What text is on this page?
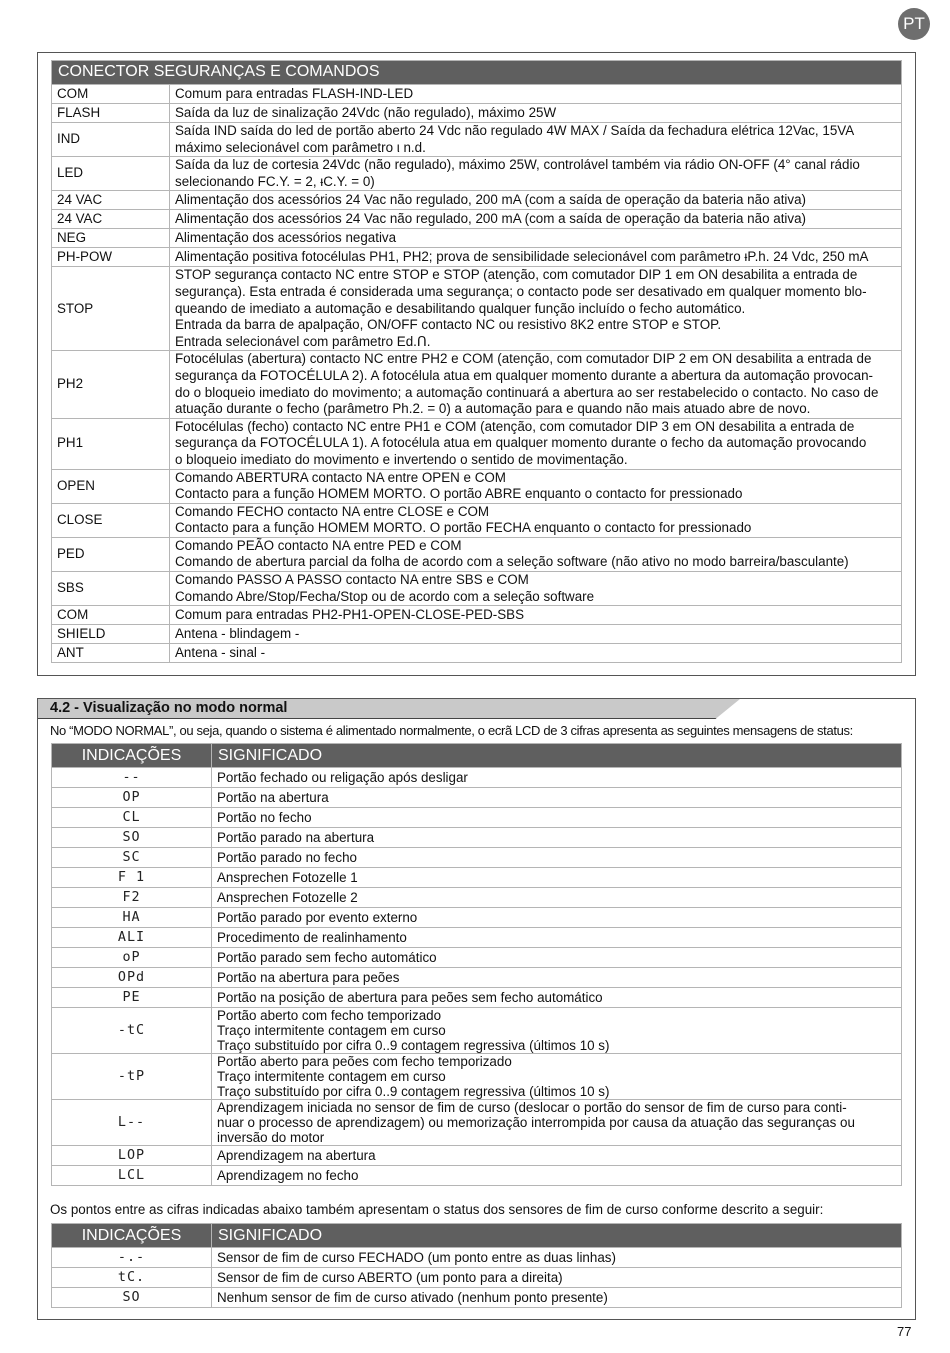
PT
CONECTOR SEGURANÇAS E COMANDOS	
COM	Comum para entradas FLASH-IND-LED

FLASH	Saída da luz de sinalização 24Vdc (não regulado), máximo 25W

IND	Saída IND saída do led de portão aberto 24 Vdc não regulado 4W MAX / Saída da fechadura elétrica 12Vac, 15VA
máximo selecionável com parâmetro ι n.d.

LED	Saída da luz de cortesia 24Vdc (não regulado), máximo 25W, controlável também via rádio ON-OFF (4° canal rádio
selecionando FC.Y. = 2, ᵼC.Y. = 0)

24 VAC	Alimentação dos acessórios 24 Vac não regulado, 200 mA (com a saída de operação da bateria não ativa)

24 VAC	Alimentação dos acessórios 24 Vac não regulado, 200 mA (com a saída de operação da bateria não ativa)

NEG	Alimentação dos acessórios negativa

PH-POW	Alimentação positiva fotocélulas PH1, PH2; prova de sensibilidade selecionável com parâmetro ᵼP.h. 24 Vdc, 250 mA

STOP	STOP segurança contacto NC entre STOP e STOP (atenção, com comutador DIP 1 em ON desabilita a entrada de
segurança). Esta entrada é considerada uma segurança; o contacto pode ser desativado em qualquer momento blo-
queando de imediato a automação e desabilitando qualquer função incluído o fecho automático.
Entrada da barra de apalpação, ON/OFF contacto NC ou resistivo 8K2 entre STOP e STOP.
Entrada selecionável com parâmetro Ed.Ո.

PH2	Fotocélulas (abertura) contacto NC entre PH2 e COM (atenção, com comutador DIP 2 em ON desabilita a entrada de
segurança da FOTOCÉLULA 2). A fotocélula atua em qualquer momento durante a abertura da automação provocan-
do o bloqueio imediato do movimento; a automação continuará a abertura ao ser restabelecido o contacto. No caso de
atuação durante o fecho (parâmetro Ph.2. = 0) a automação para e quando não mais atuado abre de novo.

PH1	Fotocélulas (fecho) contacto NC entre PH1 e COM (atenção, com comutador DIP 3 em ON desabilita a entrada de
segurança da FOTOCÉLULA 1). A fotocélula atua em qualquer momento durante o fecho da automação provocando
o bloqueio imediato do movimento e invertendo o sentido de movimentação.

OPEN	Comando ABERTURA contacto NA entre OPEN e COM
Contacto para a função HOMEM MORTO. O portão ABRE enquanto o contacto for pressionado

CLOSE	Comando FECHO contacto NA entre CLOSE e COM
Contacto para a função HOMEM MORTO. O portão FECHA enquanto o contacto for pressionado

PED	Comando PEÃO contacto NA entre PED e COM
Comando de abertura parcial da folha de acordo com a seleção software (não ativo no modo barreira/basculante)

SBS	Comando PASSO A PASSO contacto NA entre SBS e COM
Comando Abre/Stop/Fecha/Stop ou de acordo com a seleção software

COM	Comum para entradas PH2-PH1-OPEN-CLOSE-PED-SBS

SHIELD	Antena - blindagem -

ANT	Antena - sinal -
4.2 - Visualização no modo normal
No “MODO NORMAL”, ou seja, quando o sistema é alimentado normalmente, o ecrã LCD de 3 cifras apresenta as seguintes mensagens de status:
INDICAÇÕES	SIGNIFICADO
--	Portão fechado ou religação após desligar

OP	Portão na abertura

CL	Portão no fecho

SO	Portão parado na abertura

SC	Portão parado no fecho

F 1	Ansprechen Fotozelle 1

F2	Ansprechen Fotozelle 2

HA	Portão parado por evento externo

ALI	Procedimento de realinhamento

oP	Portão parado sem fecho automático

OPd	Portão na abertura para peões

PE	Portão na posição de abertura para peões sem fecho automático

-tC	Portão aberto com fecho temporizado
Traço intermitente contagem em curso
Traço substituído por cifra 0..9 contagem regressiva (últimos 10 s)

-tP	Portão aberto para peões com fecho temporizado
Traço intermitente contagem em curso
Traço substituído por cifra 0..9 contagem regressiva (últimos 10 s)

L--	Aprendizagem iniciada no sensor de fim de curso (deslocar o portão do sensor de fim de curso para conti-
nuar o processo de aprendizagem) ou memorização interrompida por causa da atuação das seguranças ou
inversão do motor

LOP	Aprendizagem na abertura

LCL	Aprendizagem no fecho
Os pontos entre as cifras indicadas abaixo também apresentam o status dos sensores de fim de curso conforme descrito a seguir:
INDICAÇÕES	SIGNIFICADO
-.-	Sensor de fim de curso FECHADO (um ponto entre as duas linhas)

tC.	Sensor de fim de curso ABERTO (um ponto para a direita)

SO	Nenhum sensor de fim de curso ativado (nenhum ponto presente)
77
